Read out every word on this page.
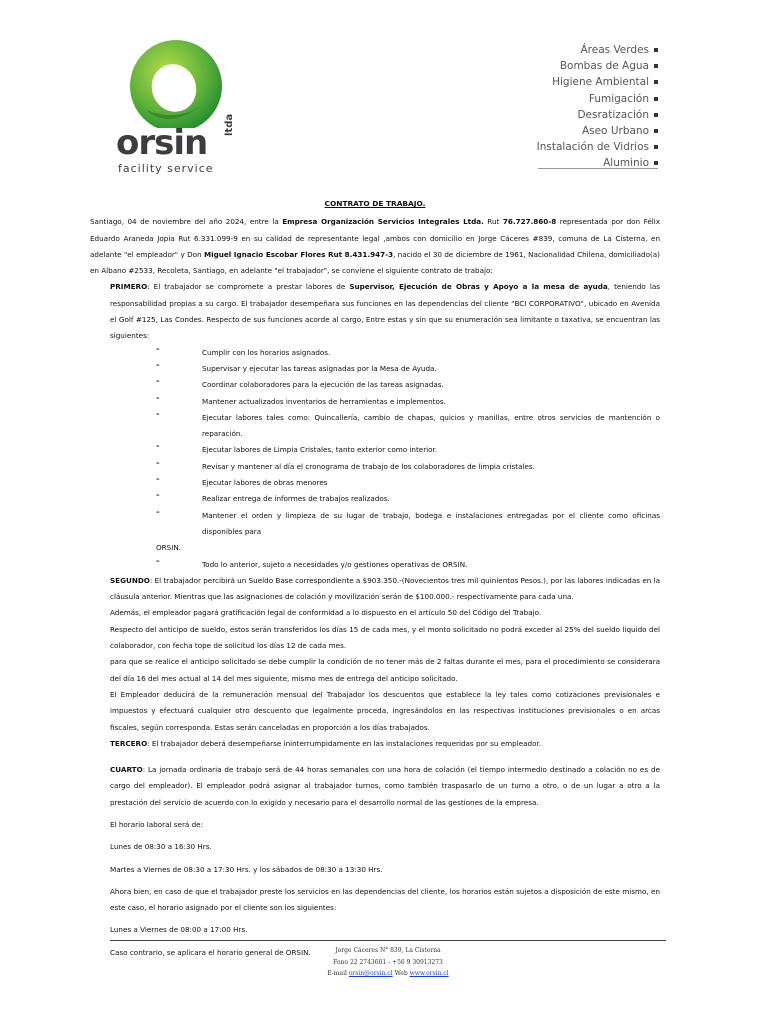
orsin ltda
facility service
Áreas Verdes
Bombas de Agua
Higiene Ambiental
Fumigación
Desratización
Aseo Urbano
Instalación de Vidrios
Aluminio
CONTRATO DE TRABAJO.

Santiago, 04 de noviembre del año 2024, entre la Empresa Organización Servicios Integrales Ltda. Rut 76.727.860-8 representada por don Félix Eduardo Araneda Jopia Rut 6.331.099-9 en su calidad de representante legal ,ambos con domicilio en Jorge Cáceres #839, comuna de La Cisterna, en adelante "el empleador" y Don Miguel Ignacio Escobar Flores Rut 8.431.947-3, nacido el 30 de diciembre de 1961, Nacionalidad Chilena, domiciliado(a) en Albano #2533, Recoleta, Santiago, en adelante "el trabajador", se conviene el siguiente contrato de trabajo:

PRIMERO: El trabajador se compromete a prestar labores de Supervisor, Ejecución de Obras y Apoyo a la mesa de ayuda, teniendo las responsabilidad propias a su cargo. El trabajador desempeñara sus funciones en las dependencias del cliente "BCI CORPORATIVO", ubicado en Avenida el Golf #125, Las Condes. Respecto de sus funciones acorde al cargo, Entre estas y sin que su enumeración sea limitante o taxativa, se encuentran las siguientes:

–	Cumplir con los horarios asignados.
–	Supervisar y ejecutar las tareas asignadas por la Mesa de Ayuda.
–	Coordinar colaboradores para la ejecución de las tareas asignadas.
–	Mantener actualizados inventarios de herramientas e implementos.
–	Ejecutar labores tales como: Quincallería, cambio de chapas, quicios y manillas, entre otros servicios de mantención o reparación.
–	Ejecutar labores de Limpia Cristales, tanto exterior como interior.
–	Revisar y mantener al día el cronograma de trabajo de los colaboradores de limpia cristales.
–	Ejecutar labores de obras menores
–	Realizar entrega de informes de trabajos realizados.
–	Mantener el orden y limpieza de su lugar de trabajo, bodega e instalaciones entregadas por el cliente como oficinas disponibles para
ORSIN.
–	Todo lo anterior, sujeto a necesidades y/o gestiones operativas de ORSIN.

SEGUNDO: El trabajador percibirá un Sueldo Base correspondiente a $903.350.-(Novecientos tres mil quinientos Pesos.), por las labores indicadas en la cláusula anterior. Mientras que las asignaciones de colación y movilización serán de $100.000.- respectivamente para cada una.

Además, el empleador pagará gratificación legal de conformidad a lo dispuesto en el artículo 50 del Código del Trabajo.

Respecto del anticipo de sueldo, estos serán transferidos los días 15 de cada mes, y el monto solicitado no podrá exceder al 25% del sueldo liquido del colaborador, con fecha tope de solicitud los días 12 de cada mes.

para que se realice el anticipo solicitado se debe cumplir la condición de no tener más de 2 faltas durante el mes, para el procedimiento se considerara del día 16 del mes actual al 14 del mes siguiente, mismo mes de entrega del anticipo solicitado.

El Empleador deducirá de la remuneración mensual del Trabajador los descuentos que establece la ley tales como cotizaciones previsionales e impuestos y efectuará cualquier otro descuento que legalmente proceda, ingresándolos en las respectivas instituciones previsionales o en arcas fiscales, según corresponda. Estas serán canceladas en proporción a los días trabajados.

TERCERO: El trabajador deberá desempeñarse ininterrumpidamente en las instalaciones requeridas por su empleador.

CUARTO: La jornada ordinaria de trabajo será de 44 horas semanales con una hora de colación (el tiempo intermedio destinado a colación no es de cargo del empleador). El empleador podrá asignar al trabajador turnos, como también traspasarlo de un turno a otro, o de un lugar a otro a la prestación del servicio de acuerdo con lo exigido y necesario para el desarrollo normal de las gestiones de la empresa.

El horario laboral será de:

Lunes de 08:30 a 16:30 Hrs.

Martes a Viernes de 08:30 a 17:30 Hrs. y los sábados de 08:30 a 13:30 Hrs.

Ahora bien, en caso de que el trabajador preste los servicios en las dependencias del cliente, los horarios están sujetos a disposición de este mismo, en este caso, el horario asignado por el cliente son los siguientes:

Lunes a Viernes de 08:00 a 17:00 Hrs.

Caso contrario, se aplicara el horario general de ORSIN.	Jorge Cáceres N° 839, La Cisterna
Fono 22 2743601 - +56 9 30913273
E-mail orsin@orsin.cl Web www.orsin.cl
